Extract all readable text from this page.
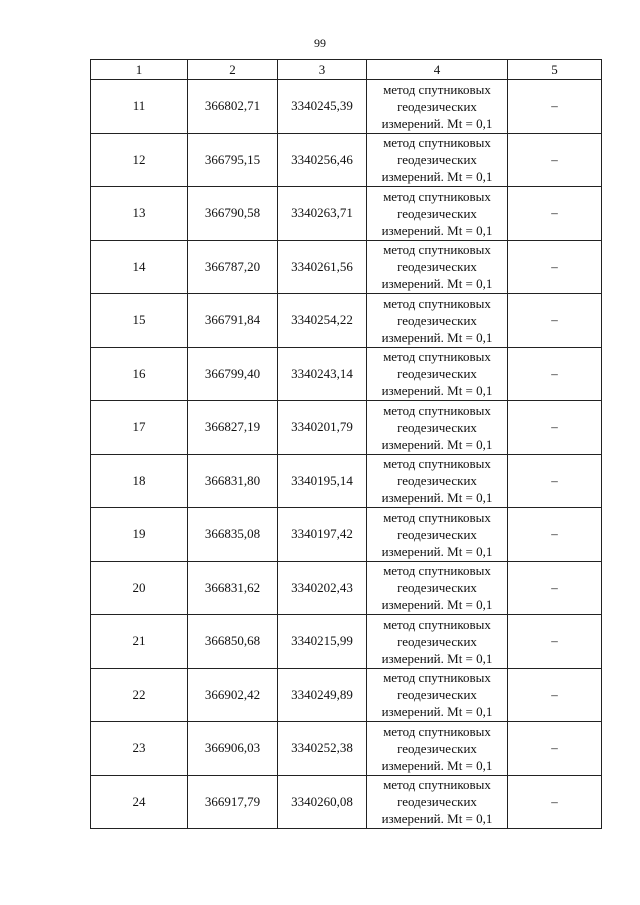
99
1	2	3	4	5
11	366802,71	3340245,39	метод спутниковых
геодезических
измерений. Mt = 0,1	–
12	366795,15	3340256,46	метод спутниковых
геодезических
измерений. Mt = 0,1	–
13	366790,58	3340263,71	метод спутниковых
геодезических
измерений. Mt = 0,1	–
14	366787,20	3340261,56	метод спутниковых
геодезических
измерений. Mt = 0,1	–
15	366791,84	3340254,22	метод спутниковых
геодезических
измерений. Mt = 0,1	–
16	366799,40	3340243,14	метод спутниковых
геодезических
измерений. Mt = 0,1	–
17	366827,19	3340201,79	метод спутниковых
геодезических
измерений. Mt = 0,1	–
18	366831,80	3340195,14	метод спутниковых
геодезических
измерений. Mt = 0,1	–
19	366835,08	3340197,42	метод спутниковых
геодезических
измерений. Mt = 0,1	–
20	366831,62	3340202,43	метод спутниковых
геодезических
измерений. Mt = 0,1	–
21	366850,68	3340215,99	метод спутниковых
геодезических
измерений. Mt = 0,1	–
22	366902,42	3340249,89	метод спутниковых
геодезических
измерений. Mt = 0,1	–
23	366906,03	3340252,38	метод спутниковых
геодезических
измерений. Mt = 0,1	–
24	366917,79	3340260,08	метод спутниковых
геодезических
измерений. Mt = 0,1	–
